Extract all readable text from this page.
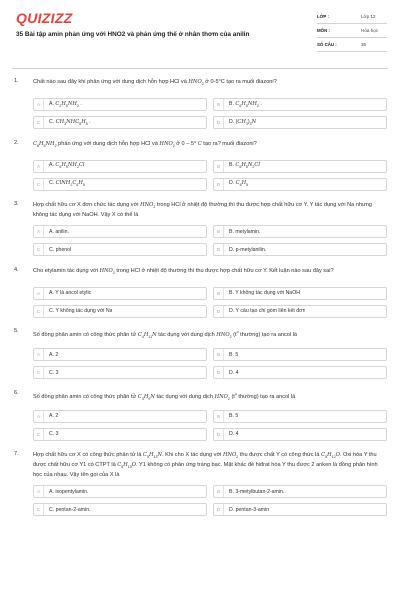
QUIZIZZ
35 Bài tập amin phản ứng với HNO2 và phản ứng thế ở nhân thơm của anilin
LỚP :	Lớp 12
MÔN :	Hóa học
SỐ CÂU :	35
1.	Chất nào sau đây khi phản ứng với dung dịch hỗn hợp HCl và $HNO_2$ ở 0-5°C tạo ra muối điazoni?
A	A. $C_2H_5NH_2$ .	B	B. $C_6H_5NH_2$ .
C	C. $CH_3NHC_6H_5$ .	D	D. $(CH_3)_3N$
2.	$C_6H_5NH_2$ phản ứng với dung dịch hỗn hợp HCl và $HNO_2$ ở 0 – 5° C tạo ra? muối điazoni?
A	A. $C_6H_5NH_2Cl$	B	B. $C_6H_5N_2Cl$
C	C. $ClNH_2C_6H_5$	D	D. $C_6H_5$
3.	Hợp chất hữu cơ X đơn chức tác dụng với $HNO_2$ trong HCl ở nhiệt độ thường thì thu được hợp chất hữu cơ Y. Y tác dụng với Na nhưng không tác dụng với NaOH. Vậy X có thể là
A	A. anilin.	B	B. metylamin.
C	C. phenol	D	D. p-metylanilin.
4.	Cho etylamin tác dụng với $HNO_2$ trong HCl ở nhiệt độ thường thì thu được hợp chất hữu cơ Y. Kết luận nào sau đây sai?
A	A. Y là ancol etylic	B	B. Y không tác dụng với NaOH
C	C. Y không tác dụng với Na	D	D. Y cấu tạo chỉ gồm liên kết đơn
5.
Số đồng phân amin có công thức phân tử $C_4H_{11}N$ tác dụng với dung dịch $HNO_2$ ($t^o$ thường) tạo ra ancol là
A	A. 2	B	B. 5
C	C. 3	D	D. 4
6.
Số đồng phân amin có công thức phân tử $C_3H_9N$ tác dụng với dung dịch $HNO_2$ ($t^o$ thường) tạo ra ancol là
A	A. 2	B	B. 5
C	C. 3	D	D. 4
7.	Hợp chất hữu cơ X có công thức phân tử là $C_5H_{13}N$. Khi cho X tác dụng với $HNO_2$ thu được chất Y có công thức là $C_5H_{12}O$. Oxi hóa Y thu được chất hữu cơ Y1 có CTPT là $C_5H_{10}O$. Y1 không có phản ứng tráng bạc. Mặt khác đề hiđrat hóa Y thu được 2 anken là đồng phân hình học của nhau. Vậy tên gọi của X là
A	A. isopentylamin.	B	B. 3-metylbutan-2-amin.
C	C. pentan-2-amin.	D	D. pentan-3-amin
